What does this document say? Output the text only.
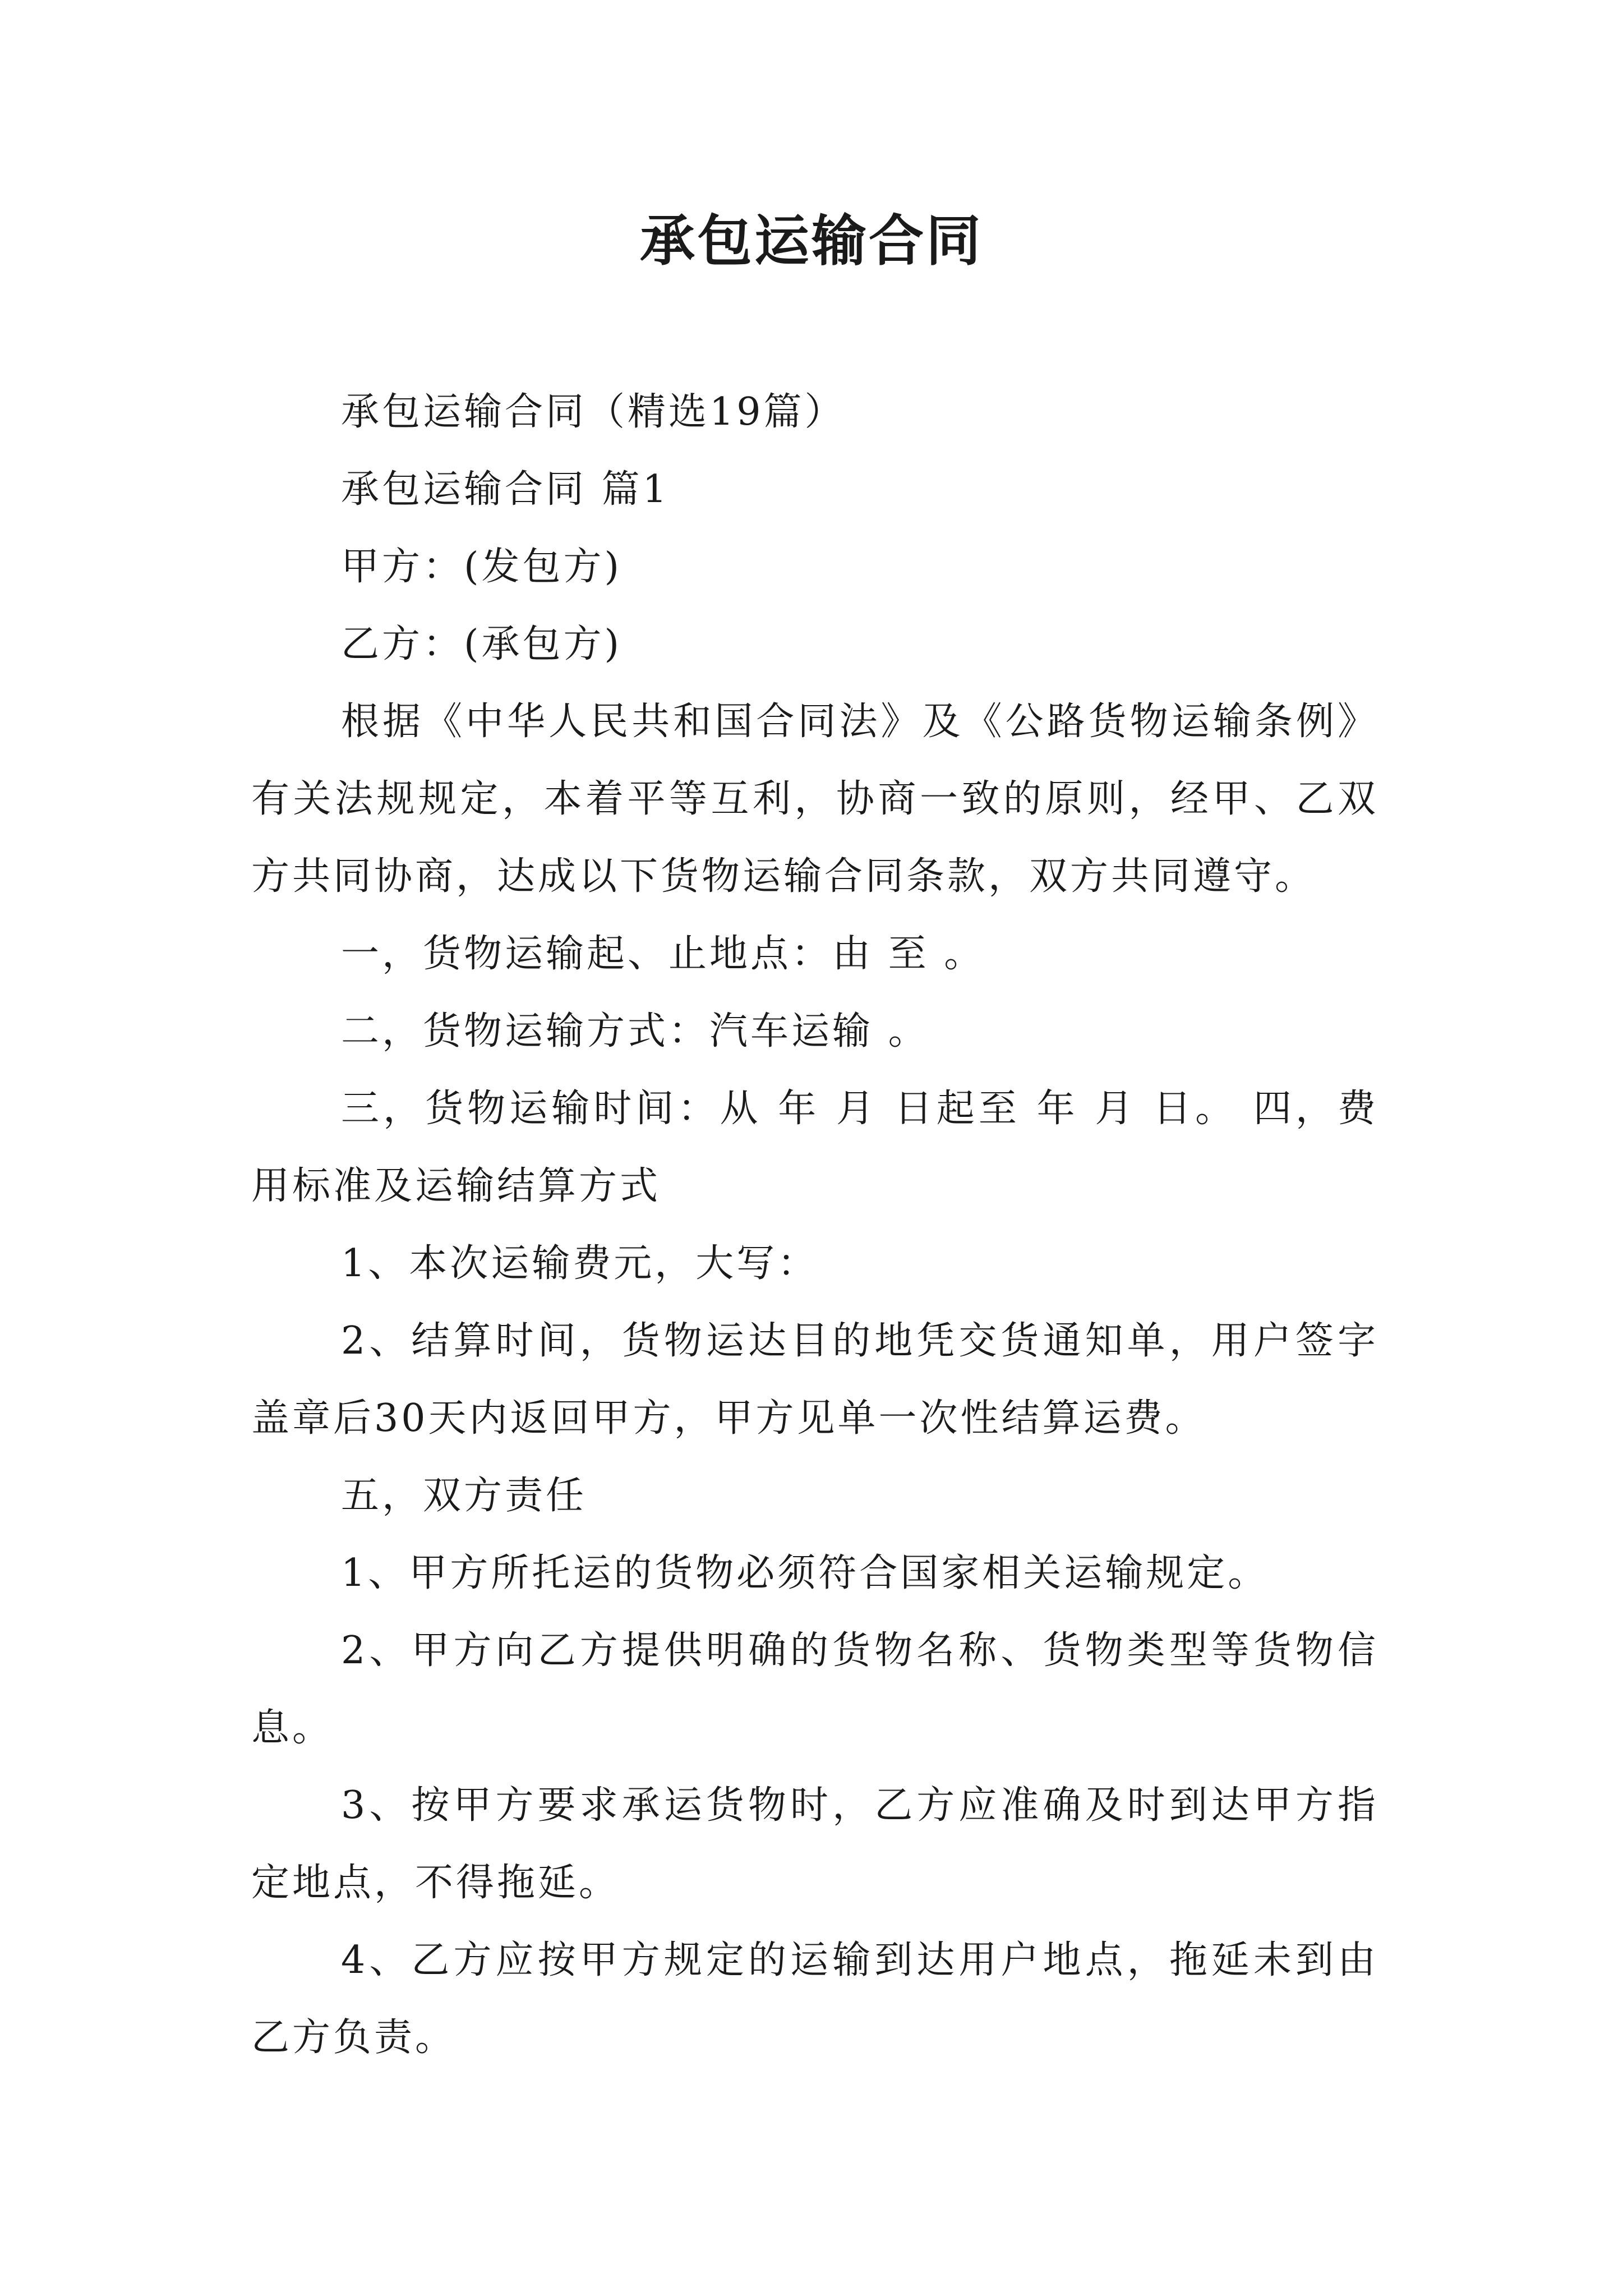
承包运输合同

承包运输合同（精选19篇）

承包运输合同 篇1

甲方：(发包方)

乙方：(承包方)

根据《中华人民共和国合同法》及《公路货物运输条例》有关法规规定，本着平等互利，协商一致的原则，经甲、乙双方共同协商，达成以下货物运输合同条款，双方共同遵守。

一，货物运输起、止地点：由 至 。

二，货物运输方式：汽车运输 。

三，货物运输时间：从 年 月 日起至 年 月 日。 四，费用标准及运输结算方式

1、本次运输费元，大写：

2、结算时间，货物运达目的地凭交货通知单，用户签字盖章后30天内返回甲方，甲方见单一次性结算运费。

五，双方责任

1、甲方所托运的货物必须符合国家相关运输规定。

2、甲方向乙方提供明确的货物名称、货物类型等货物信息。

3、按甲方要求承运货物时，乙方应准确及时到达甲方指定地点，不得拖延。

4、乙方应按甲方规定的运输到达用户地点，拖延未到由乙方负责。
